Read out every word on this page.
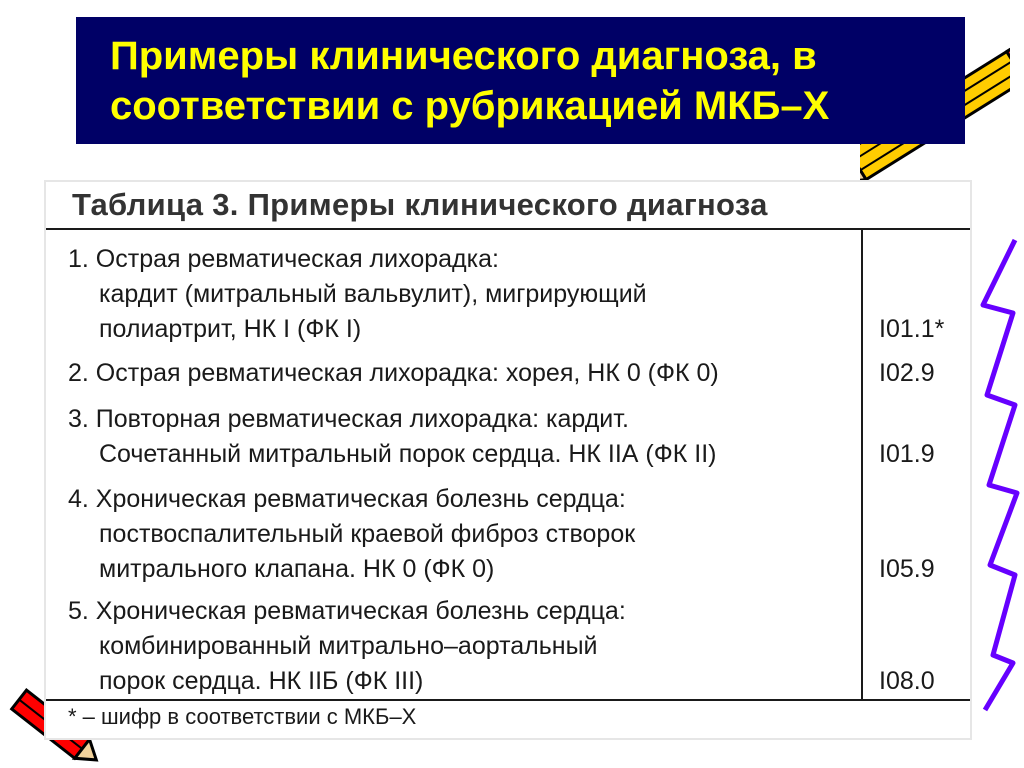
Примеры клинического диагноза, в
соответствии с рубрикацией МКБ–Х
Таблица 3. Примеры клинического диагноза
1. Острая ревматическая лихорадка:
кардит (митральный вальвулит), мигрирующий
полиартрит, НК I (ФК I)	I01.1*
2. Острая ревматическая лихорадка: хорея, НК 0 (ФК 0)	I02.9
3. Повторная ревматическая лихорадка: кардит.
Сочетанный митральный порок сердца. НК IIА (ФК II)	I01.9
4. Хроническая ревматическая болезнь сердца:
поствоспалительный краевой фиброз створок
митрального клапана. НК 0 (ФК 0)	I05.9
5. Хроническая ревматическая болезнь сердца:
комбинированный митрально–аортальный
порок сердца. НК IIБ (ФК III)	I08.0
* – шифр в соответствии с МКБ–Х
